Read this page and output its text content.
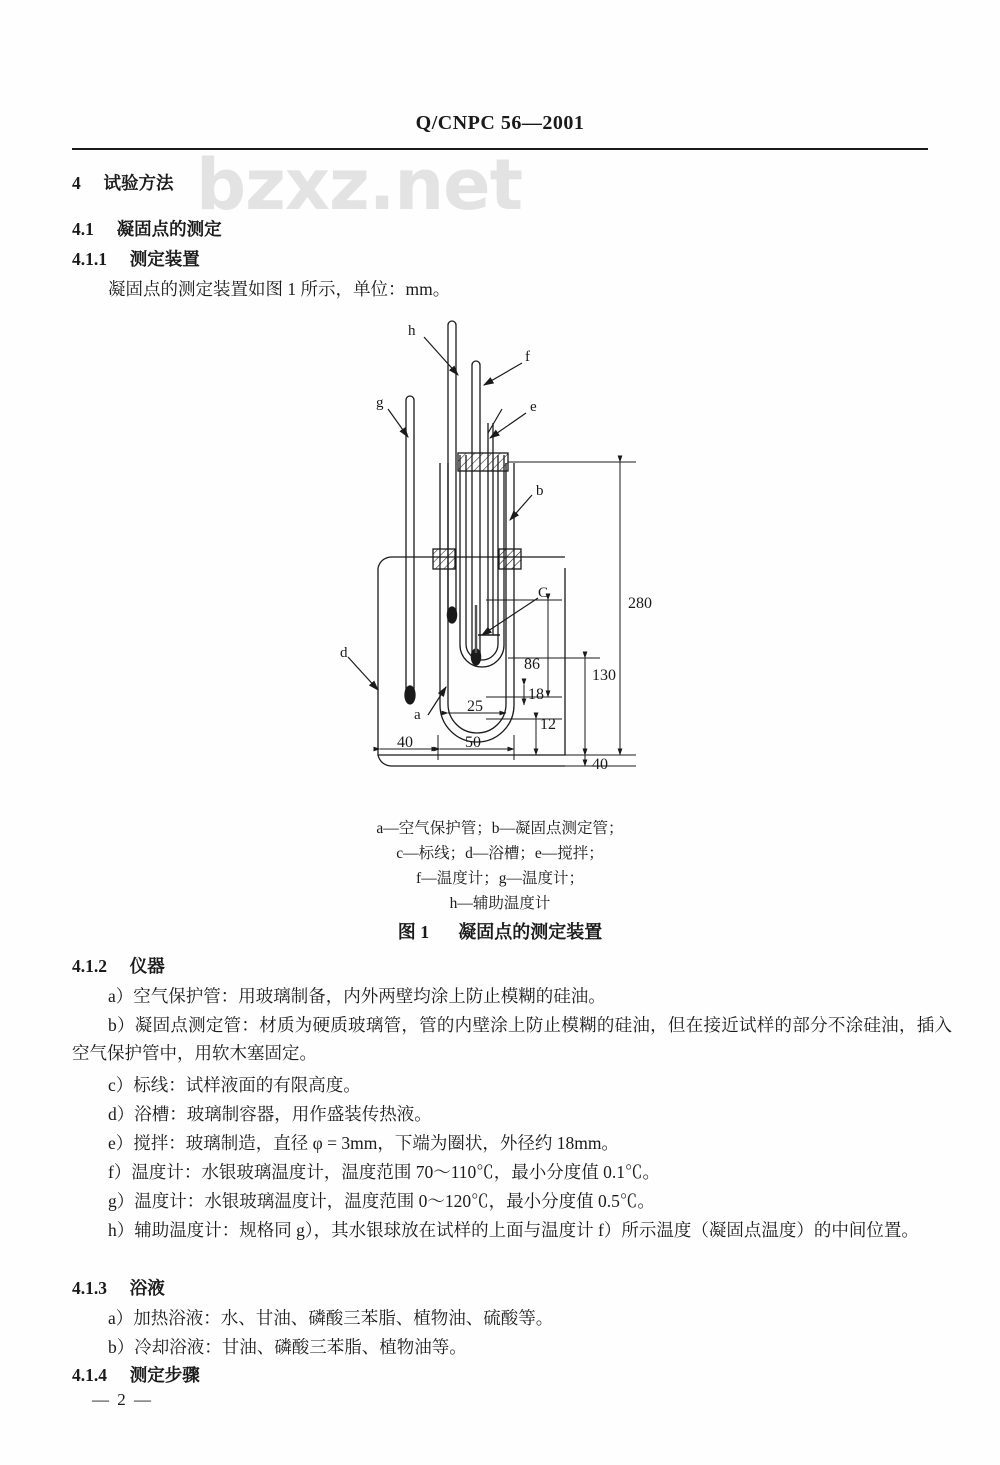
bzxz.net
Q/CNPC 56—2001
4 试验方法
4.1 凝固点的测定
4.1.1 测定装置
凝固点的测定装置如图 1 所示，单位：mm。
h
f
e
g
b
C
d
a
280
130
86
18
12
25
50
40
40
a—空气保护管；b—凝固点测定管；
c—标线；d—浴槽；e—搅拌；
f—温度计；g—温度计；
h—辅助温度计
图 1 凝固点的测定装置
4.1.2 仪器
a）空气保护管：用玻璃制备，内外两壁均涂上防止模糊的硅油。
b）凝固点测定管：材质为硬质玻璃管，管的内壁涂上防止模糊的硅油，但在接近试样的部分不涂硅油，插入空气保护管中，用软木塞固定。
c）标线：试样液面的有限高度。
d）浴槽：玻璃制容器，用作盛装传热液。
e）搅拌：玻璃制造，直径 φ = 3mm，下端为圈状，外径约 18mm。
f）温度计：水银玻璃温度计，温度范围 70～110℃，最小分度值 0.1℃。
g）温度计：水银玻璃温度计，温度范围 0～120℃，最小分度值 0.5℃。
h）辅助温度计：规格同 g），其水银球放在试样的上面与温度计 f）所示温度（凝固点温度）的中间位置。
4.1.3 浴液
a）加热浴液：水、甘油、磷酸三苯脂、植物油、硫酸等。
b）冷却浴液：甘油、磷酸三苯脂、植物油等。
4.1.4 测定步骤
— 2 —
